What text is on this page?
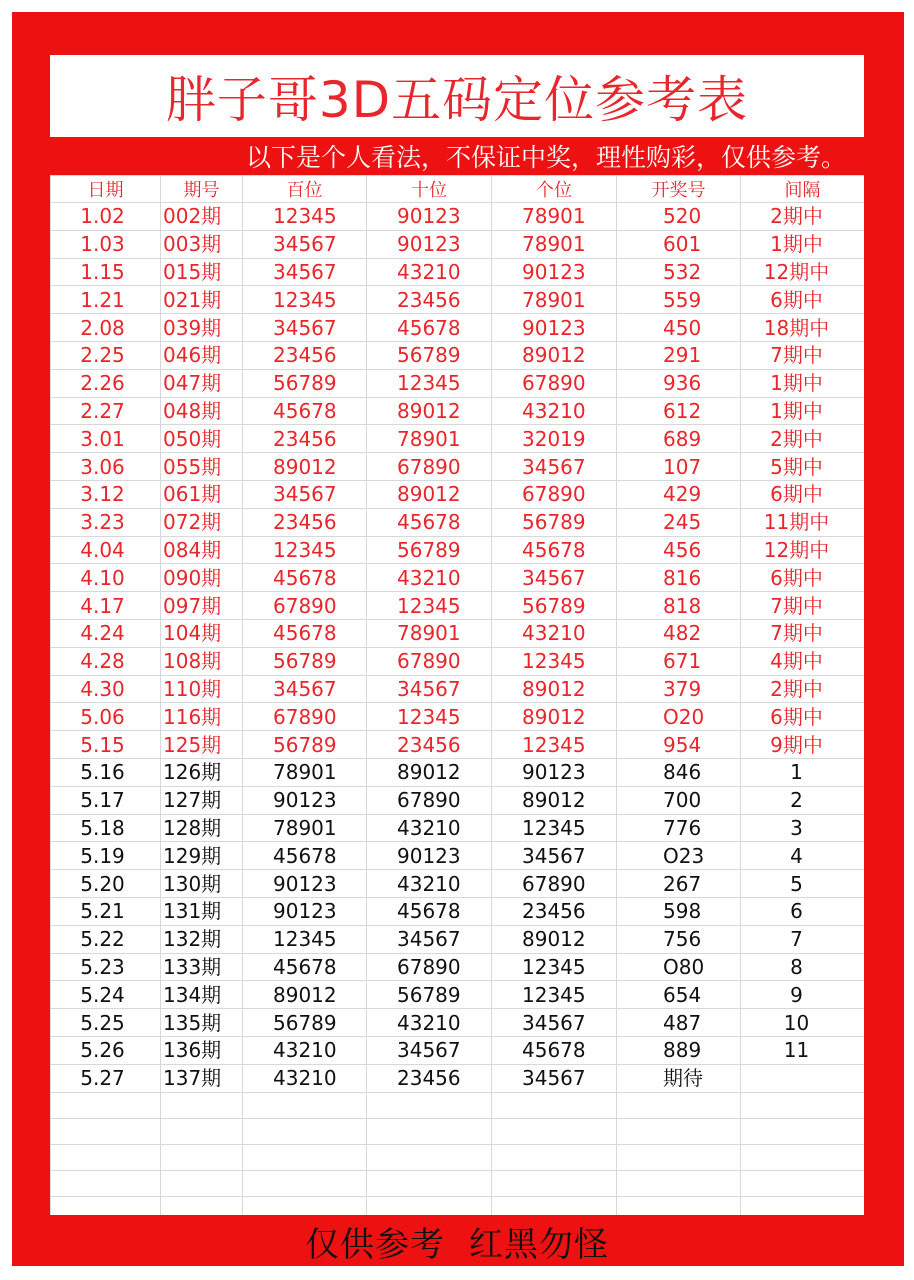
胖子哥3D五码定位参考表
以下是个人看法，不保证中奖，理性购彩，仅供参考。
日期	期号	百位	十位	个位	开奖号	间隔
1.02	002期	12345	90123	78901	520	2期中
1.03	003期	34567	90123	78901	601	1期中
1.15	015期	34567	43210	90123	532	12期中
1.21	021期	12345	23456	78901	559	6期中
2.08	039期	34567	45678	90123	450	18期中
2.25	046期	23456	56789	89012	291	7期中
2.26	047期	56789	12345	67890	936	1期中
2.27	048期	45678	89012	43210	612	1期中
3.01	050期	23456	78901	32019	689	2期中
3.06	055期	89012	67890	34567	107	5期中
3.12	061期	34567	89012	67890	429	6期中
3.23	072期	23456	45678	56789	245	11期中
4.04	084期	12345	56789	45678	456	12期中
4.10	090期	45678	43210	34567	816	6期中
4.17	097期	67890	12345	56789	818	7期中
4.24	104期	45678	78901	43210	482	7期中
4.28	108期	56789	67890	12345	671	4期中
4.30	110期	34567	34567	89012	379	2期中
5.06	116期	67890	12345	89012	O20	6期中
5.15	125期	56789	23456	12345	954	9期中
5.16	126期	78901	89012	90123	846	1
5.17	127期	90123	67890	89012	700	2
5.18	128期	78901	43210	12345	776	3
5.19	129期	45678	90123	34567	O23	4
5.20	130期	90123	43210	67890	267	5
5.21	131期	90123	45678	23456	598	6
5.22	132期	12345	34567	89012	756	7
5.23	133期	45678	67890	12345	O80	8
5.24	134期	89012	56789	12345	654	9
5.25	135期	56789	43210	34567	487	10
5.26	136期	43210	34567	45678	889	11
5.27	137期	43210	23456	34567	期待	

仅供参考 红黑勿怪
